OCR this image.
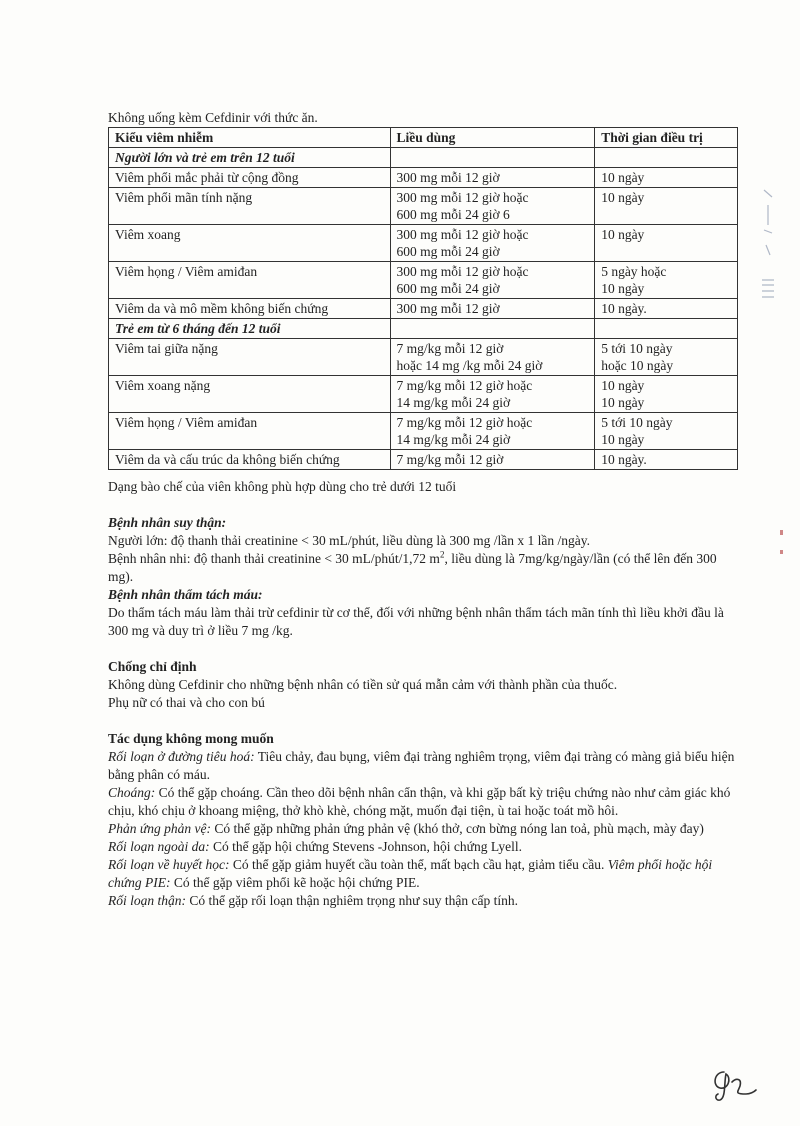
Không uống kèm Cefdinir với thức ăn.
Kiểu viêm nhiễm	Liều dùng	Thời gian điều trị
Người lớn và trẻ em trên 12 tuổi		
Viêm phổi mắc phải từ cộng đồng	300 mg mỗi 12 giờ	10 ngày

Viêm phổi mãn tính nặng	300 mg mỗi 12 giờ hoặc
600 mg mỗi 24 giờ 6	10 ngày

Viêm xoang	300 mg mỗi 12 giờ hoặc
600 mg mỗi 24 giờ	10 ngày

Viêm họng / Viêm amiđan	300 mg mỗi 12 giờ hoặc
600 mg mỗi 24 giờ	5 ngày hoặc
10 ngày

Viêm da và mô mềm không biến chứng	300 mg mỗi 12 giờ	10 ngày.

Trẻ em từ 6 tháng đến 12 tuổi		
Viêm tai giữa nặng	7 mg/kg mỗi 12 giờ
hoặc 14 mg /kg mỗi 24 giờ	5 tới 10 ngày
hoặc 10 ngày

Viêm xoang nặng	7 mg/kg mỗi 12 giờ hoặc
14 mg/kg mỗi 24 giờ	10 ngày
10 ngày

Viêm họng / Viêm amiđan	7 mg/kg mỗi 12 giờ hoặc
14 mg/kg mỗi 24 giờ	5 tới 10 ngày
10 ngày

Viêm da và cấu trúc da không biến chứng	7 mg/kg mỗi 12 giờ	10 ngày.

Dạng bào chế của viên không phù hợp dùng cho trẻ dưới 12 tuổi

Bệnh nhân suy thận:

Người lớn: độ thanh thải creatinine < 30 mL/phút, liều dùng là 300 mg /lần x 1 lần /ngày.

Bệnh nhân nhi: độ thanh thải creatinine < 30 mL/phút/1,72 $m^2$, liều dùng là 7mg/kg/ngày/lần (có thể lên đến 300 mg).

Bệnh nhân thẩm tách máu:

Do thẩm tách máu làm thải trừ cefdinir từ cơ thể, đối với những bệnh nhân thẩm tách mãn tính thì liều khởi đầu là 300 mg và duy trì ở liều 7 mg /kg.

Chống chỉ định

Không dùng Cefdinir cho những bệnh nhân có tiền sử quá mẫn cảm với thành phần của thuốc.

Phụ nữ có thai và cho con bú

Tác dụng không mong muốn

Rối loạn ở đường tiêu hoá: Tiêu chảy, đau bụng, viêm đại tràng nghiêm trọng, viêm đại tràng có màng giả biểu hiện bằng phân có máu.

Choáng: Có thể gặp choáng. Cần theo dõi bệnh nhân cẩn thận, và khi gặp bất kỳ triệu chứng nào như cảm giác khó chịu, khó chịu ở khoang miệng, thở khò khè, chóng mặt, muốn đại tiện, ù tai hoặc toát mồ hôi.

Phản ứng phản vệ: Có thể gặp những phản ứng phản vệ (khó thở, cơn bừng nóng lan toả, phù mạch, mày đay)

Rối loạn ngoài da: Có thể gặp hội chứng Stevens -Johnson, hội chứng Lyell.

Rối loạn về huyết học: Có thể gặp giảm huyết cầu toàn thể, mất bạch cầu hạt, giảm tiểu cầu. Viêm phổi hoặc hội chứng PIE: Có thể gặp viêm phổi kẽ hoặc hội chứng PIE.

Rối loạn thận: Có thể gặp rối loạn thận nghiêm trọng như suy thận cấp tính.
